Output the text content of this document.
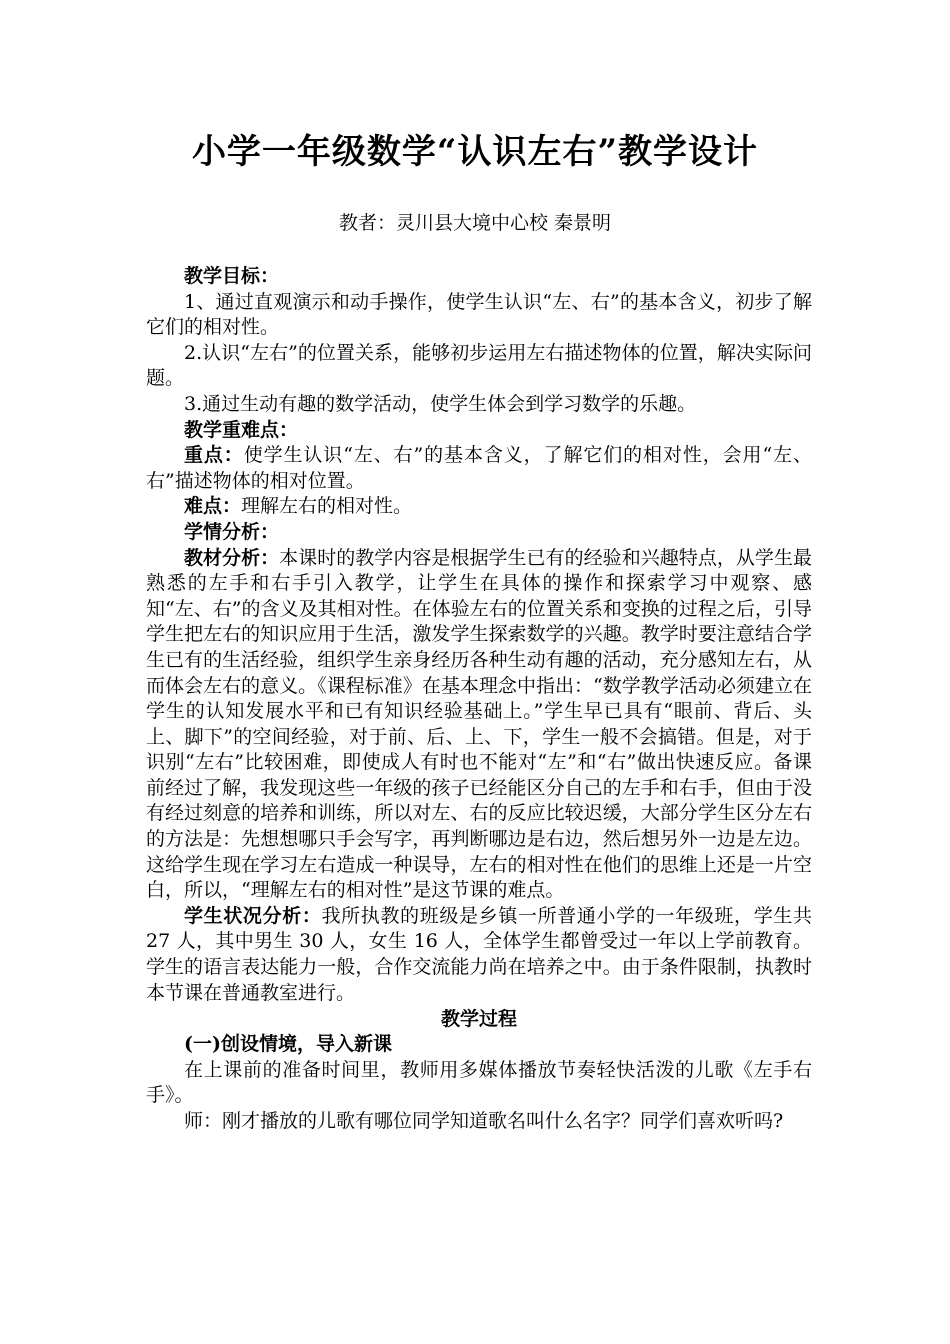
小学一年级数学“认识左右”教学设计
教者：灵川县大境中心校 秦景明

教学目标：

1、通过直观演示和动手操作，使学生认识“左、右”的基本含义，初步了解它们的相对性。

2.认识“左右”的位置关系，能够初步运用左右描述物体的位置，解决实际问题。

3.通过生动有趣的数学活动，使学生体会到学习数学的乐趣。

教学重难点：

重点：使学生认识“左、右”的基本含义，了解它们的相对性，会用“左、右”描述物体的相对位置。

难点：理解左右的相对性。

学情分析：

教材分析：本课时的教学内容是根据学生已有的经验和兴趣特点，从学生最熟悉的左手和右手引入教学，让学生在具体的操作和探索学习中观察、感知“左、右”的含义及其相对性。在体验左右的位置关系和变换的过程之后，引导学生把左右的知识应用于生活，激发学生探索数学的兴趣。教学时要注意结合学生已有的生活经验，组织学生亲身经历各种生动有趣的活动，充分感知左右，从而体会左右的意义。《课程标准》在基本理念中指出：“数学教学活动必须建立在学生的认知发展水平和已有知识经验基础上。”学生早已具有“眼前、背后、头上、脚下”的空间经验，对于前、后、上、下，学生一般不会搞错。但是，对于识别“左右”比较困难，即使成人有时也不能对“左”和“右”做出快速反应。备课前经过了解，我发现这些一年级的孩子已经能区分自己的左手和右手，但由于没有经过刻意的培养和训练，所以对左、右的反应比较迟缓，大部分学生区分左右的方法是：先想想哪只手会写字，再判断哪边是右边，然后想另外一边是左边。这给学生现在学习左右造成一种误导，左右的相对性在他们的思维上还是一片空白，所以，“理解左右的相对性”是这节课的难点。

学生状况分析：我所执教的班级是乡镇一所普通小学的一年级班，学生共 27 人，其中男生 30 人，女生 16 人，全体学生都曾受过一年以上学前教育。学生的语言表达能力一般，合作交流能力尚在培养之中。由于条件限制，执教时本节课在普通教室进行。

教学过程

(一)创设情境，导入新课

在上课前的准备时间里，教师用多媒体播放节奏轻快活泼的儿歌《左手右手》。

师：刚才播放的儿歌有哪位同学知道歌名叫什么名字？同学们喜欢听吗?
